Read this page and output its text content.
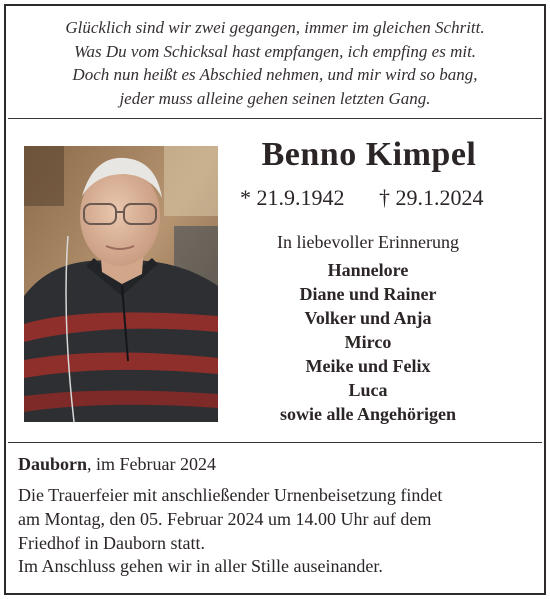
Glücklich sind wir zwei gegangen, immer im gleichen Schritt.
Was Du vom Schicksal hast empfangen, ich empfing es mit.
Doch nun heißt es Abschied nehmen, und mir wird so bang,
jeder muss alleine gehen seinen letzten Gang.
Benno Kimpel
* 21.9.1942 † 29.1.2024
In liebevoller Erinnerung
Hannelore
Diane und Rainer
Volker und Anja
Mirco
Meike und Felix
Luca
sowie alle Angehörigen
Dauborn, im Februar 2024
Die Trauerfeier mit anschließender Urnenbeisetzung findet
am Montag, den 05. Februar 2024 um 14.00 Uhr auf dem
Friedhof in Dauborn statt.
Im Anschluss gehen wir in aller Stille auseinander.
